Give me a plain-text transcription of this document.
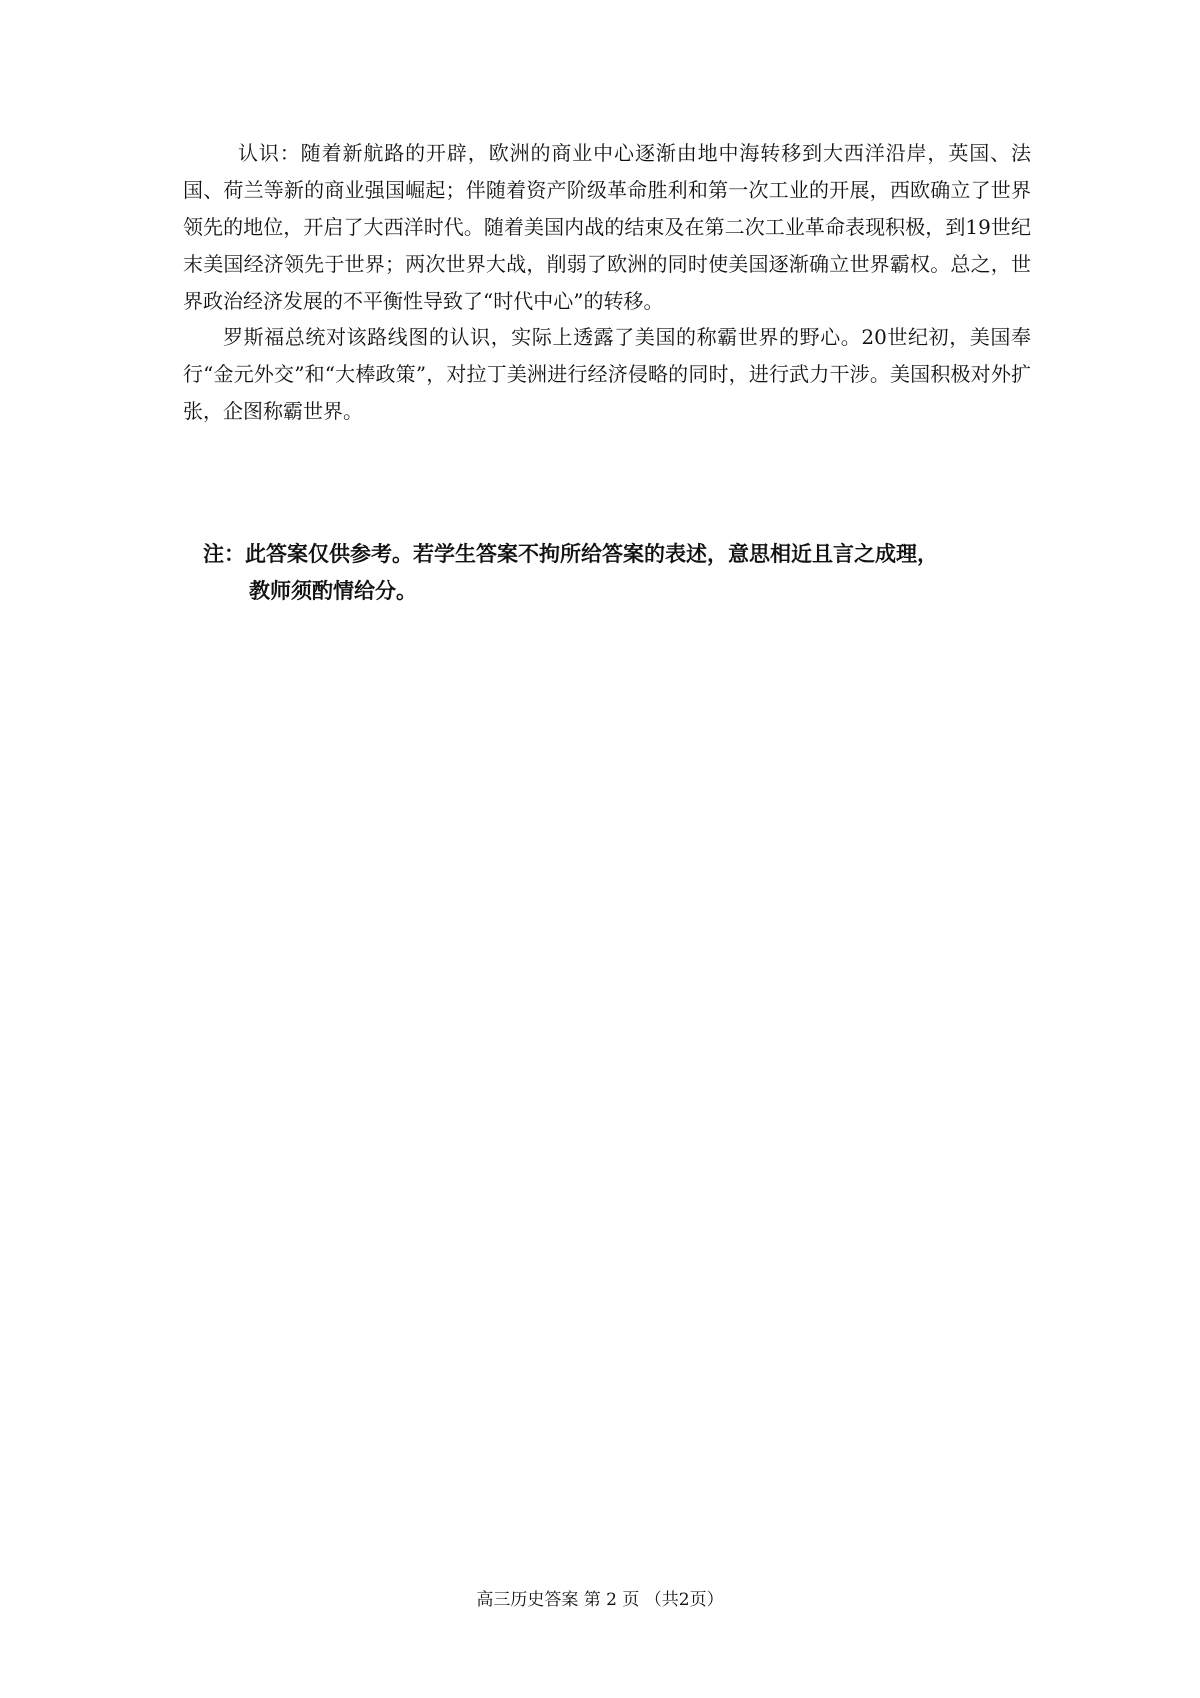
认识：随着新航路的开辟，欧洲的商业中心逐渐由地中海转移到大西洋沿岸，英国、法国、荷兰等新的商业强国崛起；伴随着资产阶级革命胜利和第一次工业的开展，西欧确立了世界领先的地位，开启了大西洋时代。随着美国内战的结束及在第二次工业革命表现积极，到19世纪末美国经济领先于世界；两次世界大战，削弱了欧洲的同时使美国逐渐确立世界霸权。总之，世界政治经济发展的不平衡性导致了“时代中心”的转移。

罗斯福总统对该路线图的认识，实际上透露了美国的称霸世界的野心。20世纪初，美国奉行“金元外交”和“大棒政策”，对拉丁美洲进行经济侵略的同时，进行武力干涉。美国积极对外扩张，企图称霸世界。

注：此答案仅供参考。若学生答案不拘所给答案的表述，意思相近且言之成理，
教师须酌情给分。

高三历史答案 第 2 页 （共2页）
